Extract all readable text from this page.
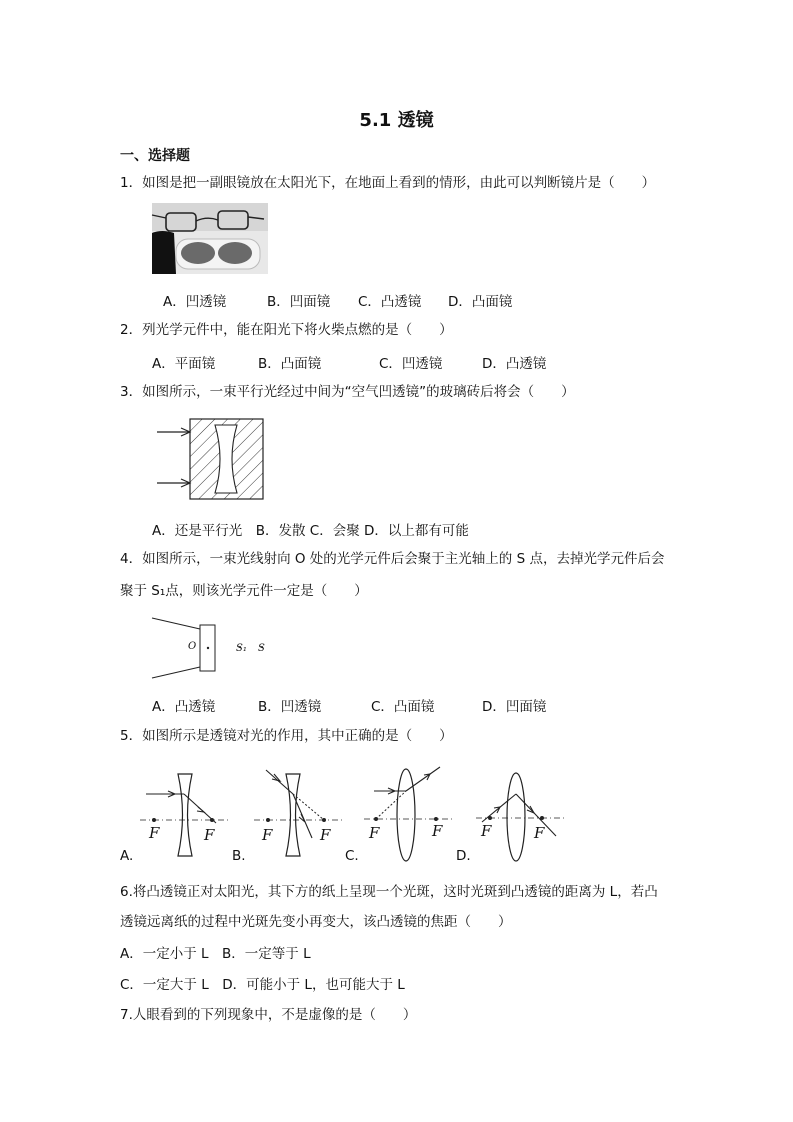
5.1 透镜
一、选择题
1．如图是把一副眼镜放在太阳光下，在地面上看到的情形，由此可以判断镜片是（　　）
A．凹透镜	B．凹面镜 C．凸透镜 D．凸面镜
2．列光学元件中，能在阳光下将火柴点燃的是（　　）
A．平面镜	B．凸面镜	C．凹透镜	D．凸透镜
3．如图所示，一束平行光经过中间为“空气凹透镜”的玻璃砖后将会（　　）
A．还是平行光　B．发散 C．会聚 D．以上都有可能
4．如图所示，一束光线射向 O 处的光学元件后会聚于主光轴上的 S 点，去掉光学元件后会
聚于 S₁点，则该光学元件一定是（　　）
O	S₁ S
A．凸透镜	B．凹透镜	C．凸面镜	D．凹面镜
5．如图所示是透镜对光的作用，其中正确的是（　　）
F	F
A.
F	F
B.
F	F
C.
F	F
D.
6.将凸透镜正对太阳光，其下方的纸上呈现一个光斑，这时光斑到凸透镜的距离为 L，若凸
透镜远离纸的过程中光斑先变小再变大，该凸透镜的焦距（　　）
A．一定小于 L　B．一定等于 L
C．一定大于 L　D．可能小于 L，也可能大于 L
7.人眼看到的下列现象中，不是虚像的是（　　）
